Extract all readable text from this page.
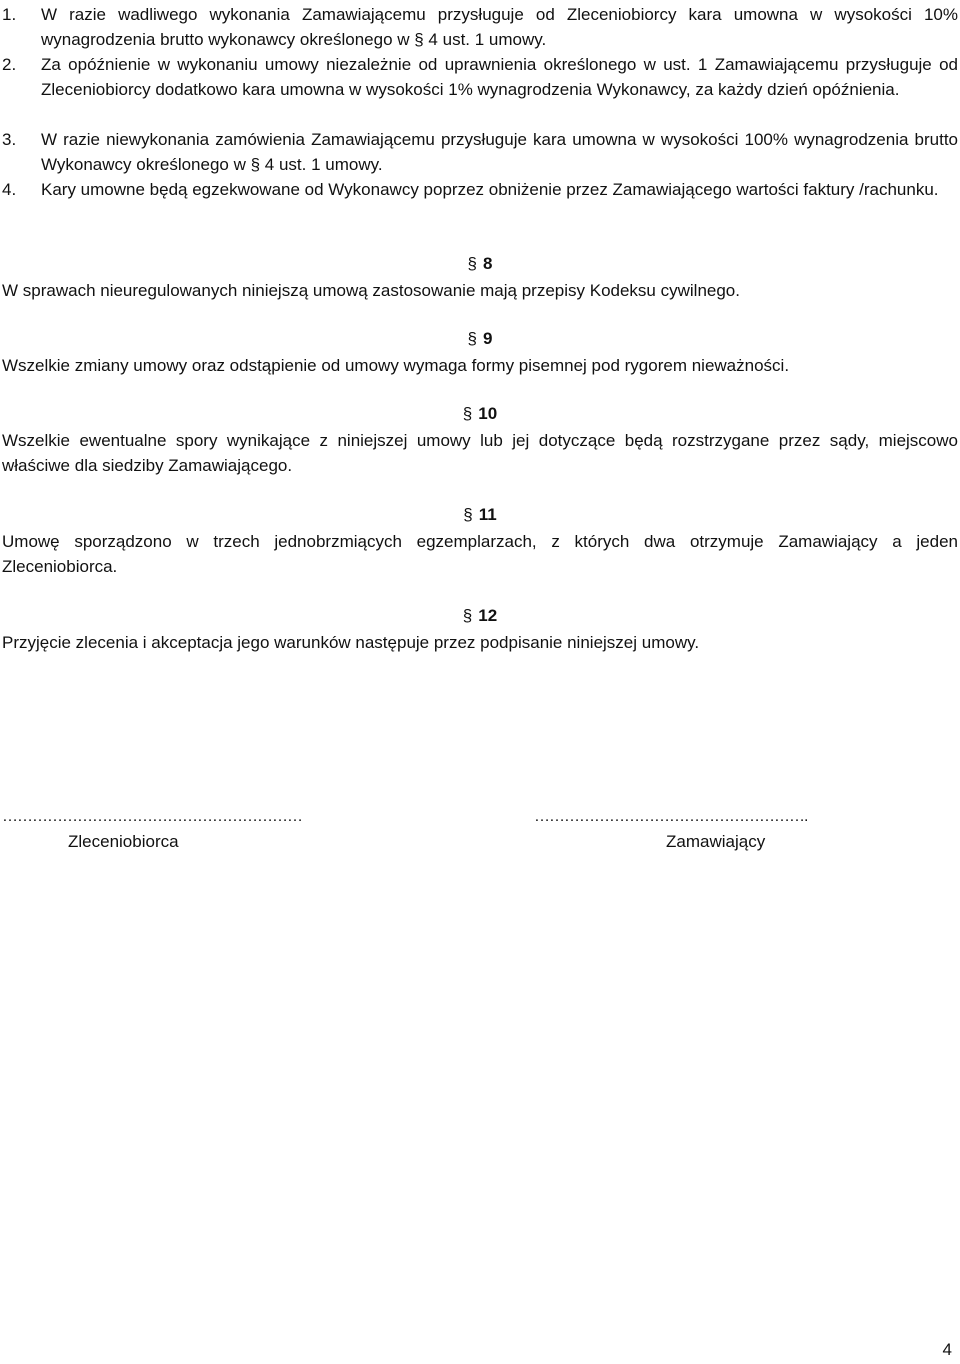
1.	W razie wadliwego wykonania Zamawiającemu przysługuje od Zleceniobiorcy kara umowna w wysokości 10% wynagrodzenia brutto wykonawcy określonego w § 4 ust. 1 umowy.
2.	Za opóźnienie w wykonaniu umowy niezależnie od uprawnienia określonego w ust. 1 Zamawiającemu przysługuje od Zleceniobiorcy dodatkowo kara umowna w wysokości 1% wynagrodzenia Wykonawcy, za każdy dzień opóźnienia.
3.	W razie niewykonania zamówienia Zamawiającemu przysługuje kara umowna w wysokości 100% wynagrodzenia brutto Wykonawcy określonego w § 4 ust. 1 umowy.
4.	Kary umowne będą egzekwowane od Wykonawcy poprzez obniżenie przez Zamawiającego wartości faktury /rachunku.
§ 8
W sprawach nieuregulowanych niniejszą umową zastosowanie mają przepisy Kodeksu cywilnego.
§ 9
Wszelkie zmiany umowy oraz odstąpienie od umowy wymaga formy pisemnej pod rygorem nieważności.
§ 10
Wszelkie ewentualne spory wynikające z niniejszej umowy lub jej dotyczące będą rozstrzygane przez sądy, miejscowo właściwe dla siedziby Zamawiającego.
§ 11
Umowę sporządzono w trzech jednobrzmiących egzemplarzach, z których dwa otrzymuje Zamawiający a jeden Zleceniobiorca.
§ 12
Przyjęcie zlecenia i akceptacja jego warunków następuje przez podpisanie niniejszej umowy.
……………………………………………………
Zleceniobiorca
……………………………………………….
Zamawiający
4
